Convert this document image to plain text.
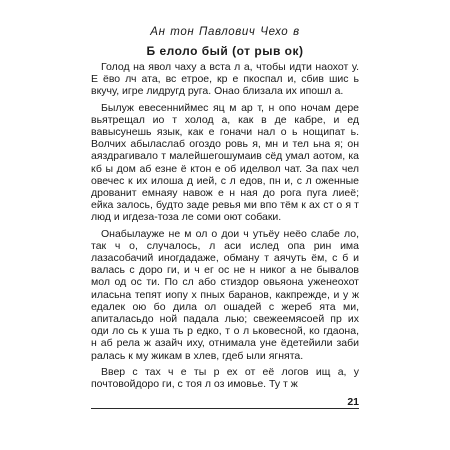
Ан тон Павлович Чехо в
Б елоло бый (от рыв ок)

Голод на явол чаху а вста л а, чтобы идти наохот у. Е ёво лч ата, вс етрое, кр е пкоспал и, сбив шис ь вкучу, игре лидругд руга. Онао близала их ипошл а.

Былуж евесенниймес яц м ар т, н опо ночам дере вьятрещал ио т холод а, как в де кабре, и ед вавысунешь язык, как е гоначи нал о ь нощипат ь. Волчих абыласлаб огоздо ровь я, мн и тел ьна я; он аяздрагивало т малейшегошумаив сёд умал аотом, ка кб ы дом аб езне ё ктон е об иделвол чат. За пах чел овечес к их илоша д ией, с л едов, пн и, с л оженные дрованит емнаяу навож е н ная до рога пуга лиеё; ейка залось, будто заде ревья ми впо тём к ах ст о я т люд и игдеза-тоза ле соми оют собаки.

Онабылауже не м ол о дои ч утьёу неёо слабе ло, так ч о, случалось, л аси ислед опа рин има лазасобачий иногдадаже, обману т аячуть ём, с б и валась с доро ги, и ч ег ос не н никог а не бывалов мол од ос ти. По сл або стиздор овьяона уженеохот иласьна тепят иопу х пных баранов, какпрежде, и у ж едалек ою бо дила ол ошадей с жереб ята ми, апиталасьдо ной падала лью; свежеемясоей пр их оди ло сь к уша ть р едко, т о л ьковесной, ко гдаона, н аб рела ж азайч иху, отнимала уне ёдетейили заби ралась к му жикам в хлев, гдеб ыли ягнята.

Ввер с тах ч е ты р ех от её логов ищ а, у почтовойдоро ги, с тоя л оз имовье. Ту т ж

21
